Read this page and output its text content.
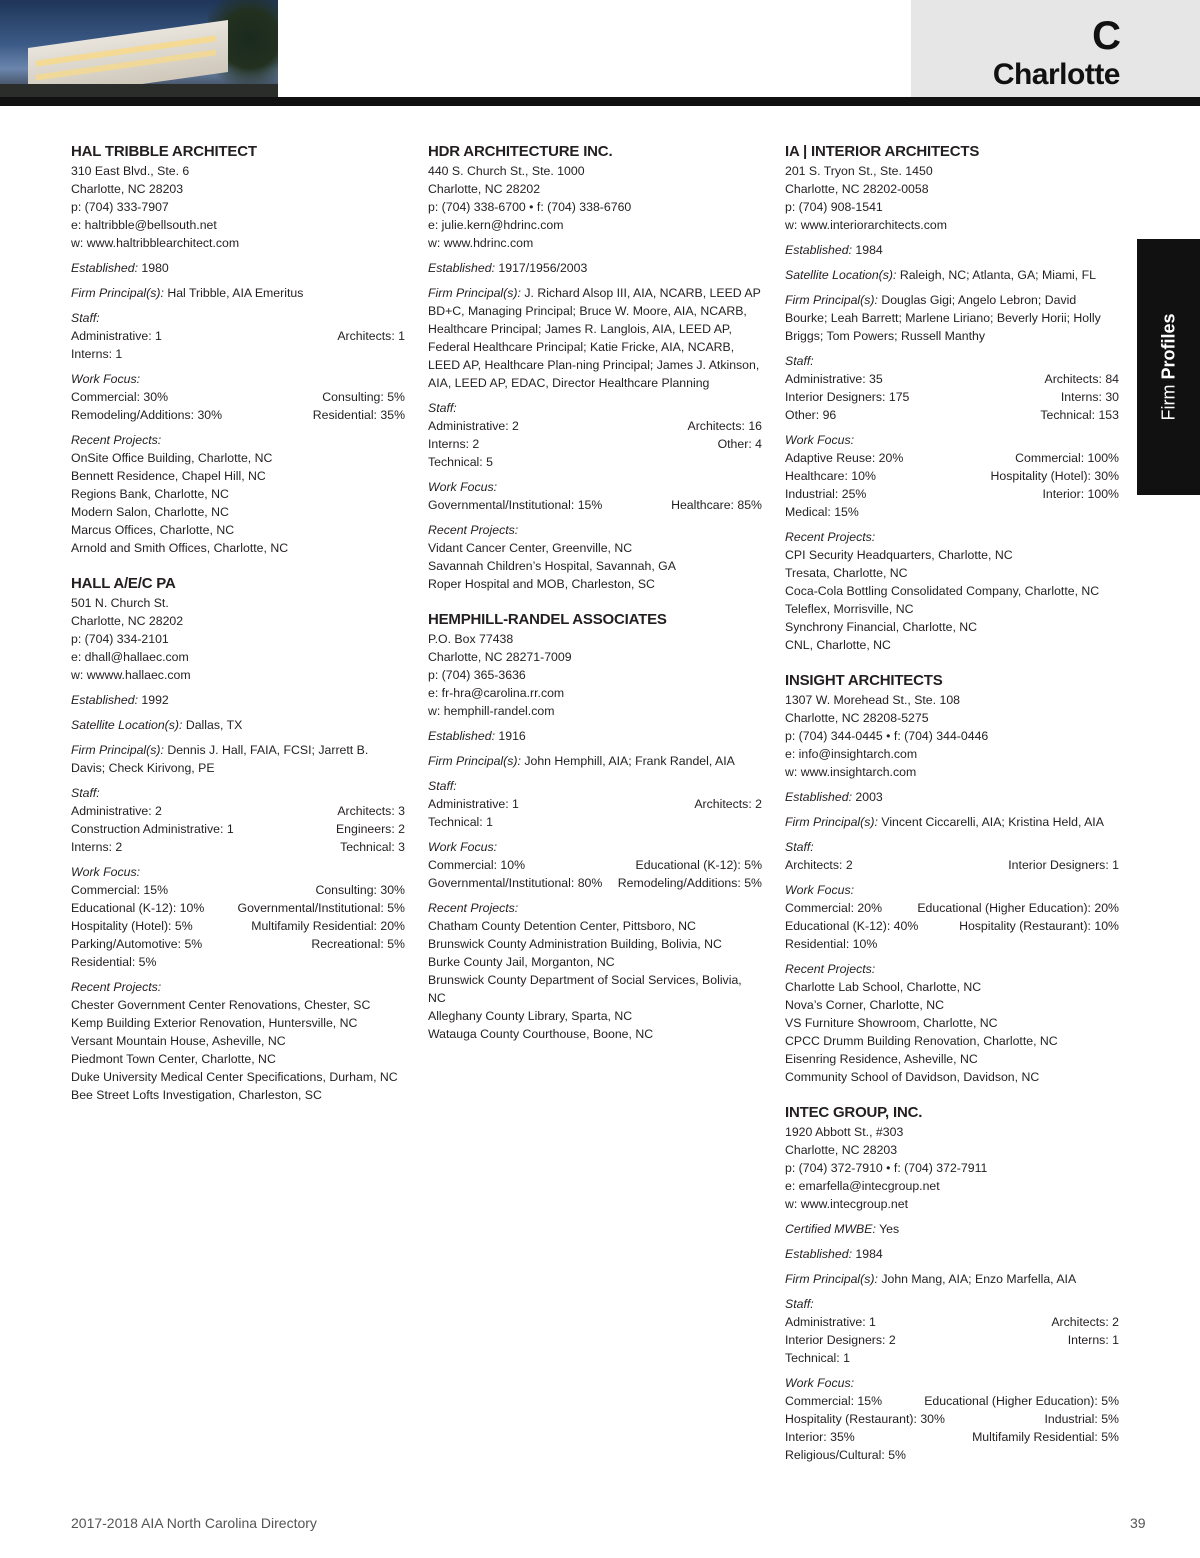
C
Charlotte
Firm Profiles
HAL TRIBBLE ARCHITECT
310 East Blvd., Ste. 6
Charlotte, NC 28203
p: (704) 333-7907
e: haltribble@bellsouth.net
w: www.haltribblearchitect.com
Established: 1980
Firm Principal(s): Hal Tribble, AIA Emeritus
Staff:
Administrative: 1	Architects: 1
Interns: 1
Work Focus:
Commercial: 30%	Consulting: 5%
Remodeling/Additions: 30%	Residential: 35%
Recent Projects:
OnSite Office Building, Charlotte, NC
Bennett Residence, Chapel Hill, NC
Regions Bank, Charlotte, NC
Modern Salon, Charlotte, NC
Marcus Offices, Charlotte, NC
Arnold and Smith Offices, Charlotte, NC
HALL A/E/C PA
501 N. Church St.
Charlotte, NC 28202
p: (704) 334-2101
e: dhall@hallaec.com
w: wwww.hallaec.com
Established: 1992
Satellite Location(s): Dallas, TX
Firm Principal(s): Dennis J. Hall, FAIA, FCSI; Jarrett B. Davis; Check Kirivong, PE
Staff:
Administrative: 2	Architects: 3
Construction Administrative: 1	Engineers: 2
Interns: 2	Technical: 3
Work Focus:
Commercial: 15%	Consulting: 30%
Educational (K-12): 10%	Governmental/Institutional: 5%
Hospitality (Hotel): 5%	Multifamily Residential: 20%
Parking/Automotive: 5%	Recreational: 5%
Residential: 5%
Recent Projects:
Chester Government Center Renovations, Chester, SC
Kemp Building Exterior Renovation, Huntersville, NC
Versant Mountain House, Asheville, NC
Piedmont Town Center, Charlotte, NC
Duke University Medical Center Specifications, Durham, NC
Bee Street Lofts Investigation, Charleston, SC
HDR ARCHITECTURE INC.
440 S. Church St., Ste. 1000
Charlotte, NC 28202
p: (704) 338-6700 • f: (704) 338-6760
e: julie.kern@hdrinc.com
w: www.hdrinc.com
Established: 1917/1956/2003
Firm Principal(s): J. Richard Alsop III, AIA, NCARB, LEED AP BD+C, Managing Principal; Bruce W. Moore, AIA, NCARB, Healthcare Principal; James R. Langlois, AIA, LEED AP, Federal Healthcare Principal; Katie Fricke, AIA, NCARB, LEED AP, Healthcare Plan-ning Principal; James J. Atkinson, AIA, LEED AP, EDAC, Director Healthcare Planning
Staff:
Administrative: 2	Architects: 16
Interns: 2	Other: 4
Technical: 5
Work Focus:
Governmental/Institutional: 15%	Healthcare: 85%
Recent Projects:
Vidant Cancer Center, Greenville, NC
Savannah Children’s Hospital, Savannah, GA
Roper Hospital and MOB, Charleston, SC
HEMPHILL-RANDEL ASSOCIATES
P.O. Box 77438
Charlotte, NC 28271-7009
p: (704) 365-3636
e: fr-hra@carolina.rr.com
w: hemphill-randel.com
Established: 1916
Firm Principal(s): John Hemphill, AIA; Frank Randel, AIA
Staff:
Administrative: 1	Architects: 2
Technical: 1
Work Focus:
Commercial: 10%	Educational (K-12): 5%
Governmental/Institutional: 80% Remodeling/Additions: 5%
Recent Projects:
Chatham County Detention Center, Pittsboro, NC
Brunswick County Administration Building, Bolivia, NC
Burke County Jail, Morganton, NC
Brunswick County Department of Social Services, Bolivia, NC
Alleghany County Library, Sparta, NC
Watauga County Courthouse, Boone, NC
IA | INTERIOR ARCHITECTS
201 S. Tryon St., Ste. 1450
Charlotte, NC 28202-0058
p: (704) 908-1541
w: www.interiorarchitects.com
Established: 1984
Satellite Location(s): Raleigh, NC; Atlanta, GA; Miami, FL
Firm Principal(s): Douglas Gigi; Angelo Lebron; David Bourke; Leah Barrett; Marlene Liriano; Beverly Horii; Holly Briggs; Tom Powers; Russell Manthy
Staff:
Administrative: 35	Architects: 84
Interior Designers: 175	Interns: 30
Other: 96	Technical: 153
Work Focus:
Adaptive Reuse: 20%	Commercial: 100%
Healthcare: 10%	Hospitality (Hotel): 30%
Industrial: 25%	Interior: 100%
Medical: 15%
Recent Projects:
CPI Security Headquarters, Charlotte, NC
Tresata, Charlotte, NC
Coca-Cola Bottling Consolidated Company, Charlotte, NC
Teleflex, Morrisville, NC
Synchrony Financial, Charlotte, NC
CNL, Charlotte, NC
INSIGHT ARCHITECTS
1307 W. Morehead St., Ste. 108
Charlotte, NC 28208-5275
p: (704) 344-0445 • f: (704) 344-0446
e: info@insightarch.com
w: www.insightarch.com
Established: 2003
Firm Principal(s): Vincent Ciccarelli, AIA; Kristina Held, AIA
Staff:
Architects: 2	Interior Designers: 1
Work Focus:
Commercial: 20%	Educational (Higher Education): 20%
Educational (K-12): 40%	Hospitality (Restaurant): 10%
Residential: 10%
Recent Projects:
Charlotte Lab School, Charlotte, NC
Nova’s Corner, Charlotte, NC
VS Furniture Showroom, Charlotte, NC
CPCC Drumm Building Renovation, Charlotte, NC
Eisenring Residence, Asheville, NC
Community School of Davidson, Davidson, NC
INTEC GROUP, INC.
1920 Abbott St., #303
Charlotte, NC 28203
p: (704) 372-7910 • f: (704) 372-7911
e: emarfella@intecgroup.net
w: www.intecgroup.net
Certified MWBE: Yes
Established: 1984
Firm Principal(s): John Mang, AIA; Enzo Marfella, AIA
Staff:
Administrative: 1	Architects: 2
Interior Designers: 2	Interns: 1
Technical: 1
Work Focus:
Commercial: 15%	Educational (Higher Education): 5%
Hospitality (Restaurant): 30%	Industrial: 5%
Interior: 35%	Multifamily Residential: 5%
Religious/Cultural: 5%
2017-2018 AIA North Carolina Directory	39
